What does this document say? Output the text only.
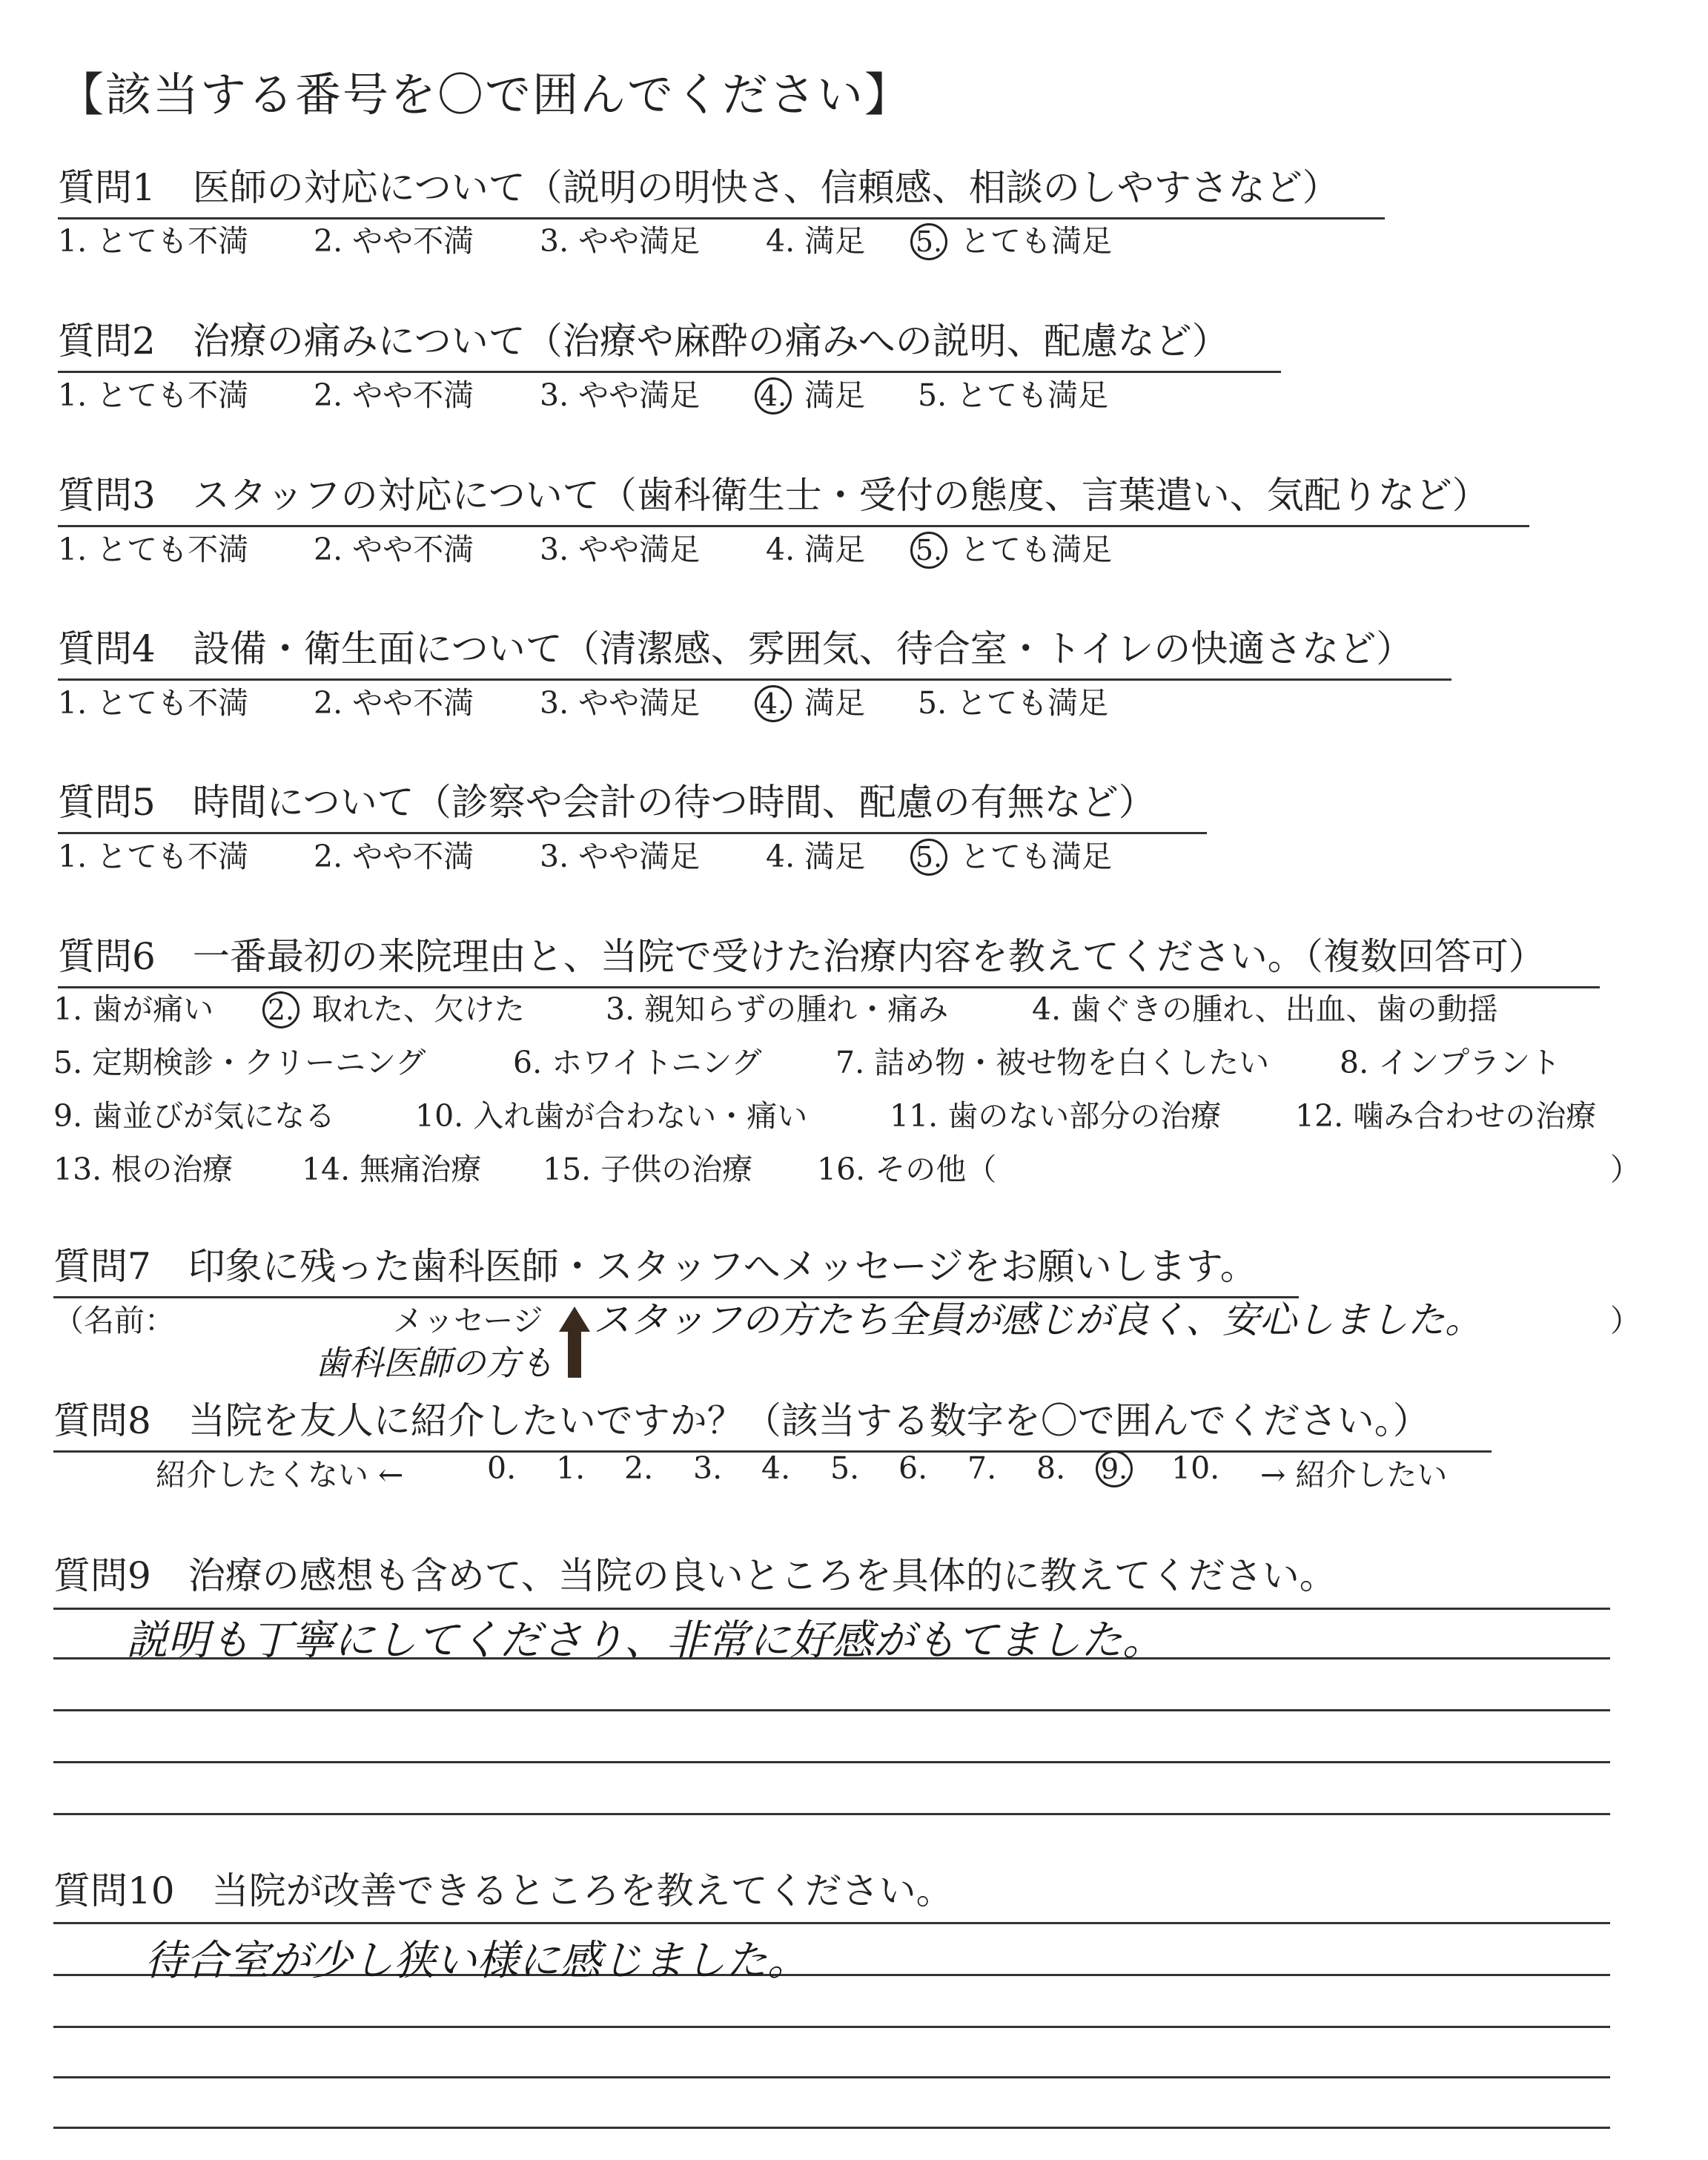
【該当する番号を〇で囲んでください】
質問1　 医師の対応について（説明の明快さ、信頼感、相談のしやすさなど）
1. とても不満 2. やや不満 3. やや満足 4. 満足 5. とても満足
質問2　 治療の痛みについて（治療や麻酔の痛みへの説明、配慮など）
1. とても不満 2. やや不満 3. やや満足 4. 満足 5. とても満足
質問3　 スタッフの対応について（歯科衛生士・受付の態度、言葉遣い、気配りなど）
1. とても不満 2. やや不満 3. やや満足 4. 満足 5. とても満足
質問4　 設備・衛生面について（清潔感、雰囲気、待合室・トイレの快適さなど）
1. とても不満 2. やや不満 3. やや満足 4. 満足 5. とても満足
質問5　 時間について（診察や会計の待つ時間、配慮の有無など）
1. とても不満 2. やや不満 3. やや満足 4. 満足 5. とても満足
質問6　 一番最初の来院理由と、当院で受けた治療内容を教えてください。（複数回答可）
1. 歯が痛い 2. 取れた、欠けた	3. 親知らずの腫れ・痛み	4. 歯ぐきの腫れ、出血、歯の動揺
5. 定期検診・クリーニング	6. ホワイトニング 7. 詰め物・被せ物を白くしたい 8. インプラント
9. 歯並びが気になる	10. 入れ歯が合わない・痛い	11. 歯のない部分の治療 12. 噛み合わせの治療
13. 根の治療 14. 無痛治療 15. 子供の治療 16. その他（	）
質問7　 印象に残った歯科医師・スタッフへメッセージをお願いします。
（名前：	メッセージ	）
スタッフの方たち全員が感じが良く、安心しました。
歯科医師の方も
質問8　 当院を友人に紹介したいですか？（該当する数字を〇で囲んでください。）
紹介したくない ←	0. 1. 2. 3. 4. 5. 6. 7. 8. 9. 10. → 紹介したい
質問9　 治療の感想も含めて、当院の良いところを具体的に教えてください。
説明も丁寧にしてくださり、非常に好感がもてました。
質問10　 当院が改善できるところを教えてください。
待合室が少し狭い様に感じました。
